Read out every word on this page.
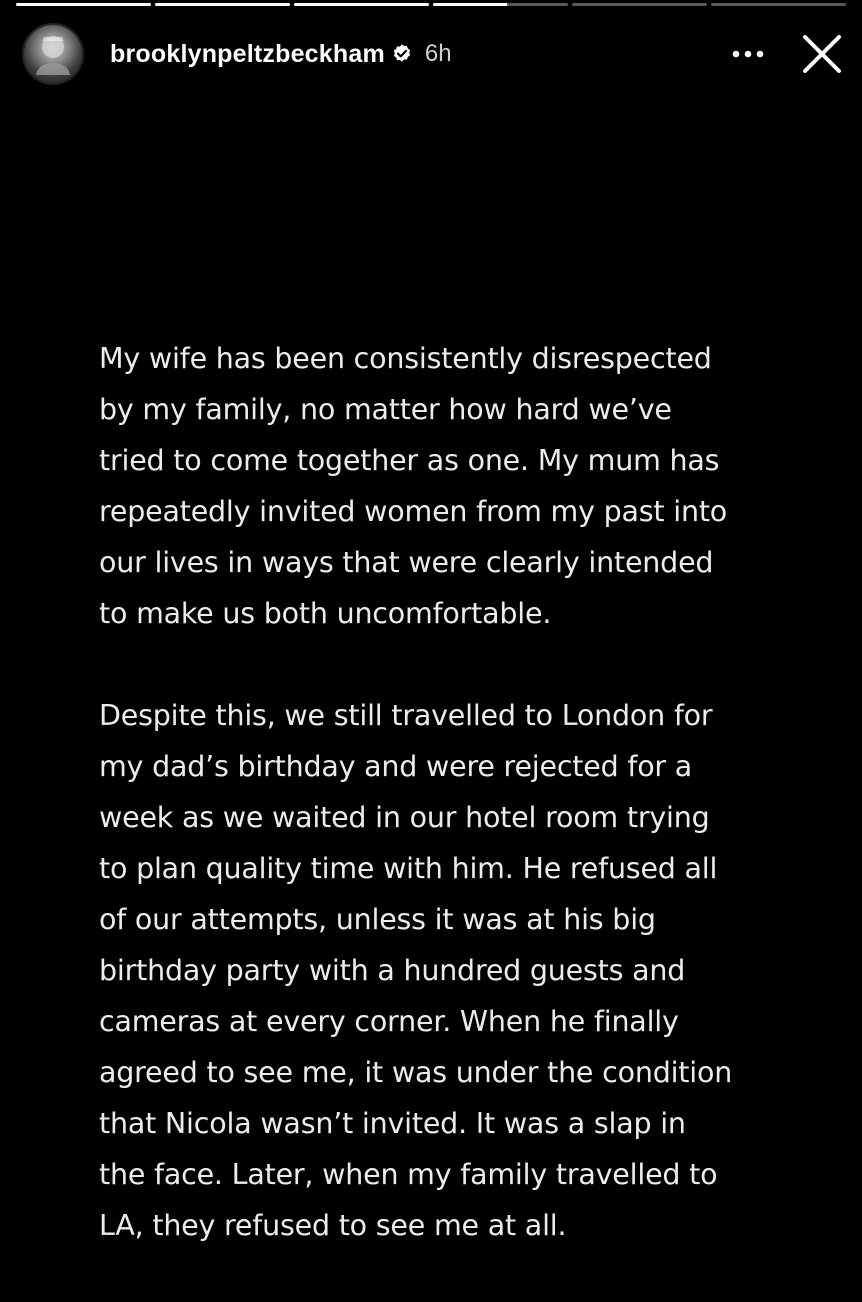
brooklynpeltzbeckham 6h

My wife has been consistently disrespected
by my family, no matter how hard we’ve
tried to come together as one. My mum has
repeatedly invited women from my past into
our lives in ways that were clearly intended
to make us both uncomfortable.

Despite this, we still travelled to London for
my dad’s birthday and were rejected for a
week as we waited in our hotel room trying
to plan quality time with him. He refused all
of our attempts, unless it was at his big
birthday party with a hundred guests and
cameras at every corner. When he finally
agreed to see me, it was under the condition
that Nicola wasn’t invited. It was a slap in
the face. Later, when my family travelled to
LA, they refused to see me at all.
